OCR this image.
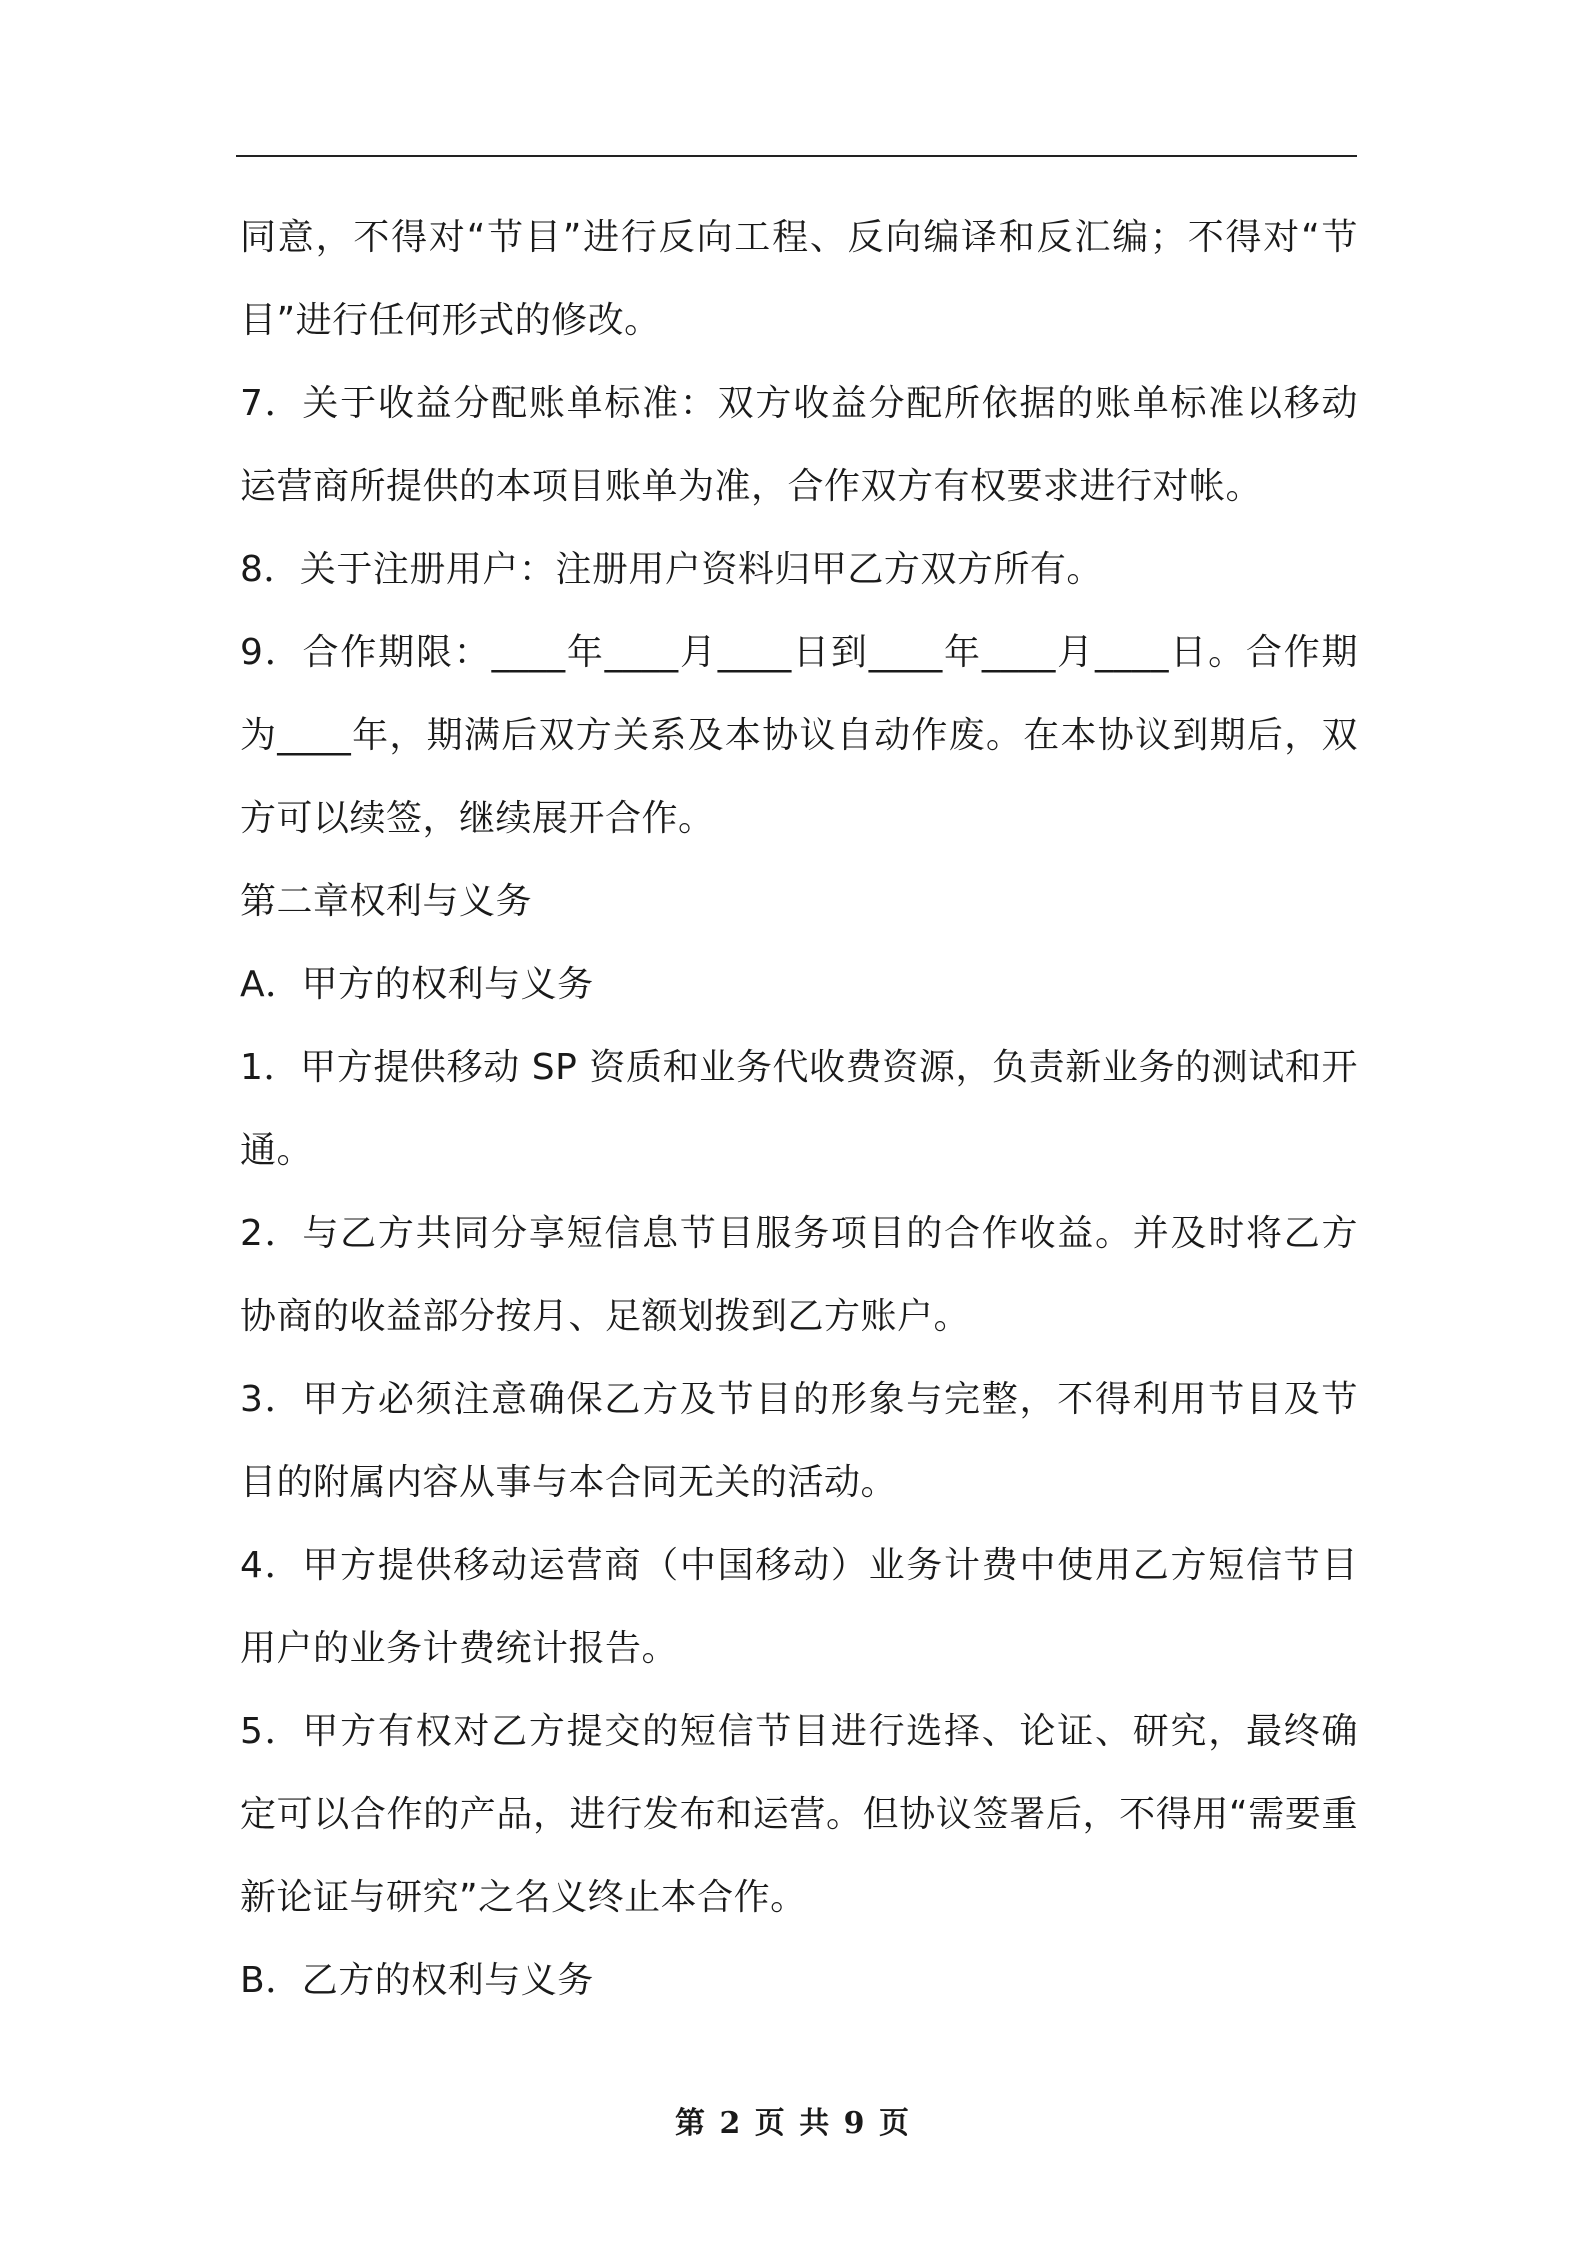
同意，不得对“节目”进行反向工程、反向编译和反汇编；不得对“节目”进行任何形式的修改。

7．关于收益分配账单标准：双方收益分配所依据的账单标准以移动运营商所提供的本项目账单为准，合作双方有权要求进行对帐。

8．关于注册用户：注册用户资料归甲乙方双方所有。

9．合作期限：____年____月____日到____年____月____日。合作期为____年，期满后双方关系及本协议自动作废。在本协议到期后，双方可以续签，继续展开合作。

第二章权利与义务

A．甲方的权利与义务

1．甲方提供移动 SP 资质和业务代收费资源，负责新业务的测试和开通。

2．与乙方共同分享短信息节目服务项目的合作收益。并及时将乙方协商的收益部分按月、足额划拨到乙方账户。

3．甲方必须注意确保乙方及节目的形象与完整，不得利用节目及节目的附属内容从事与本合同无关的活动。

4．甲方提供移动运营商（中国移动）业务计费中使用乙方短信节目用户的业务计费统计报告。

5．甲方有权对乙方提交的短信节目进行选择、论证、研究，最终确定可以合作的产品，进行发布和运营。但协议签署后，不得用“需要重新论证与研究”之名义终止本合作。

B．乙方的权利与义务

第 2 页 共 9 页
